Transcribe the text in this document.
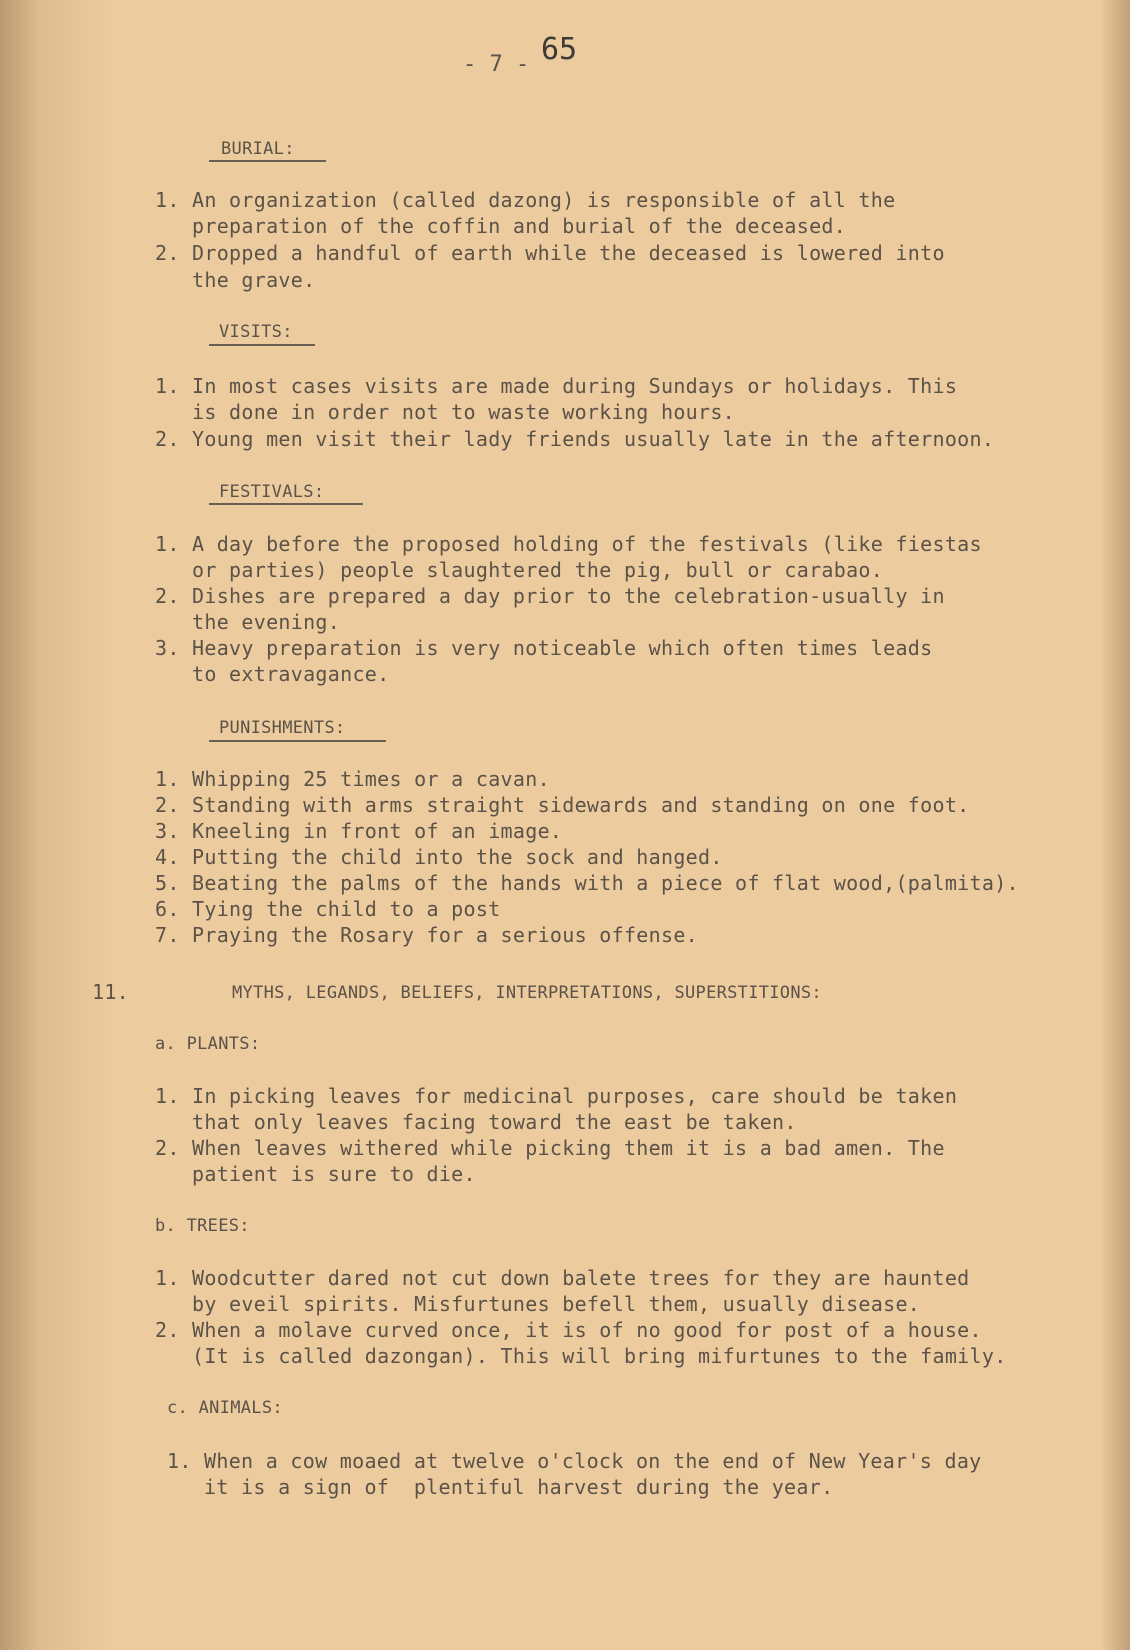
- 7 - 65
BURIAL:
1. An organization (called dazong) is responsible of all the
preparation of the coffin and burial of the deceased.
2. Dropped a handful of earth while the deceased is lowered into
the grave.
VISITS:
1. In most cases visits are made during Sundays or holidays. This
is done in order not to waste working hours.
2. Young men visit their lady friends usually late in the afternoon.
FESTIVALS:
1. A day before the proposed holding of the festivals (like fiestas
or parties) people slaughtered the pig, bull or carabao.
2. Dishes are prepared a day prior to the celebration-usually in
the evening.
3. Heavy preparation is very noticeable which often times leads
to extravagance.
PUNISHMENTS:
1. Whipping 25 times or a cavan.
2. Standing with arms straight sidewards and standing on one foot.
3. Kneeling in front of an image.
4. Putting the child into the sock and hanged.
5. Beating the palms of the hands with a piece of flat wood,(palmita).
6. Tying the child to a post
7. Praying the Rosary for a serious offense.
11.	MYTHS, LEGANDS, BELIEFS, INTERPRETATIONS, SUPERSTITIONS:
a. PLANTS:
1. In picking leaves for medicinal purposes, care should be taken
that only leaves facing toward the east be taken.
2. When leaves withered while picking them it is a bad amen. The
patient is sure to die.
b. TREES:
1. Woodcutter dared not cut down balete trees for they are haunted
by eveil spirits. Misfurtunes befell them, usually disease.
2. When a molave curved once, it is of no good for post of a house.
(It is called dazongan). This will bring mifurtunes to the family.
c. ANIMALS:
1. When a cow moaed at twelve o'clock on the end of New Year's day
it is a sign of  plentiful harvest during the year.
